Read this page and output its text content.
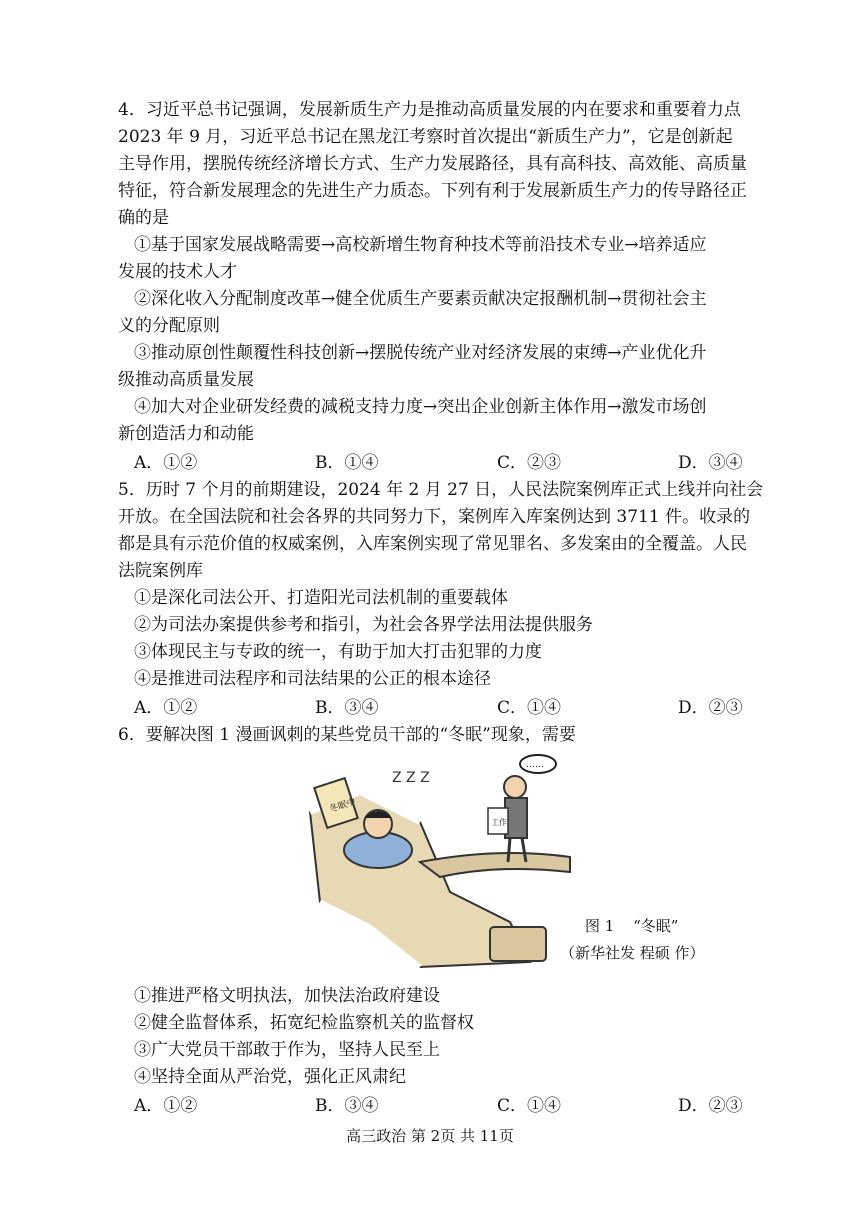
4．习近平总书记强调，发展新质生产力是推动高质量发展的内在要求和重要着力点
2023 年 9 月，习近平总书记在黑龙江考察时首次提出“新质生产力”，它是创新起
主导作用，摆脱传统经济增长方式、生产力发展路径，具有高科技、高效能、高质量
特征，符合新发展理念的先进生产力质态。下列有利于发展新质生产力的传导路径正
确的是
①基于国家发展战略需要→高校新增生物育种技术等前沿技术专业→培养适应
发展的技术人才
②深化收入分配制度改革→健全优质生产要素贡献决定报酬机制→贯彻社会主
义的分配原则
③推动原创性颠覆性科技创新→摆脱传统产业对经济发展的束缚→产业优化升
级推动高质量发展
④加大对企业研发经费的减税支持力度→突出企业创新主体作用→激发市场创
新创造活力和动能
A．①②	B．①④	C．②③	D．③④
5．历时 7 个月的前期建设，2024 年 2 月 27 日，人民法院案例库正式上线并向社会
开放。在全国法院和社会各界的共同努力下，案例库入库案例达到 3711 件。收录的
都是具有示范价值的权威案例，入库案例实现了常见罪名、多发案由的全覆盖。人民
法院案例库
①是深化司法公开、打造阳光司法机制的重要载体
②为司法办案提供参考和指引，为社会各界学法用法提供服务
③体现民主与专政的统一，有助于加大打击犯罪的力度
④是推进司法程序和司法结果的公正的根本途径
A．①②	B．③④	C．①④	D．②③
6．要解决图 1 漫画讽刺的某些党员干部的“冬眠”现象，需要
冬眠中
Z Z Z
工作
……
图 1 “冬眠”
（新华社发 程硕 作）
①推进严格文明执法，加快法治政府建设
②健全监督体系，拓宽纪检监察机关的监督权
③广大党员干部敢于作为，坚持人民至上
④坚持全面从严治党，强化正风肃纪
A．①②	B．③④	C．①④	D．②③
高三政治 第 2页 共 11页
